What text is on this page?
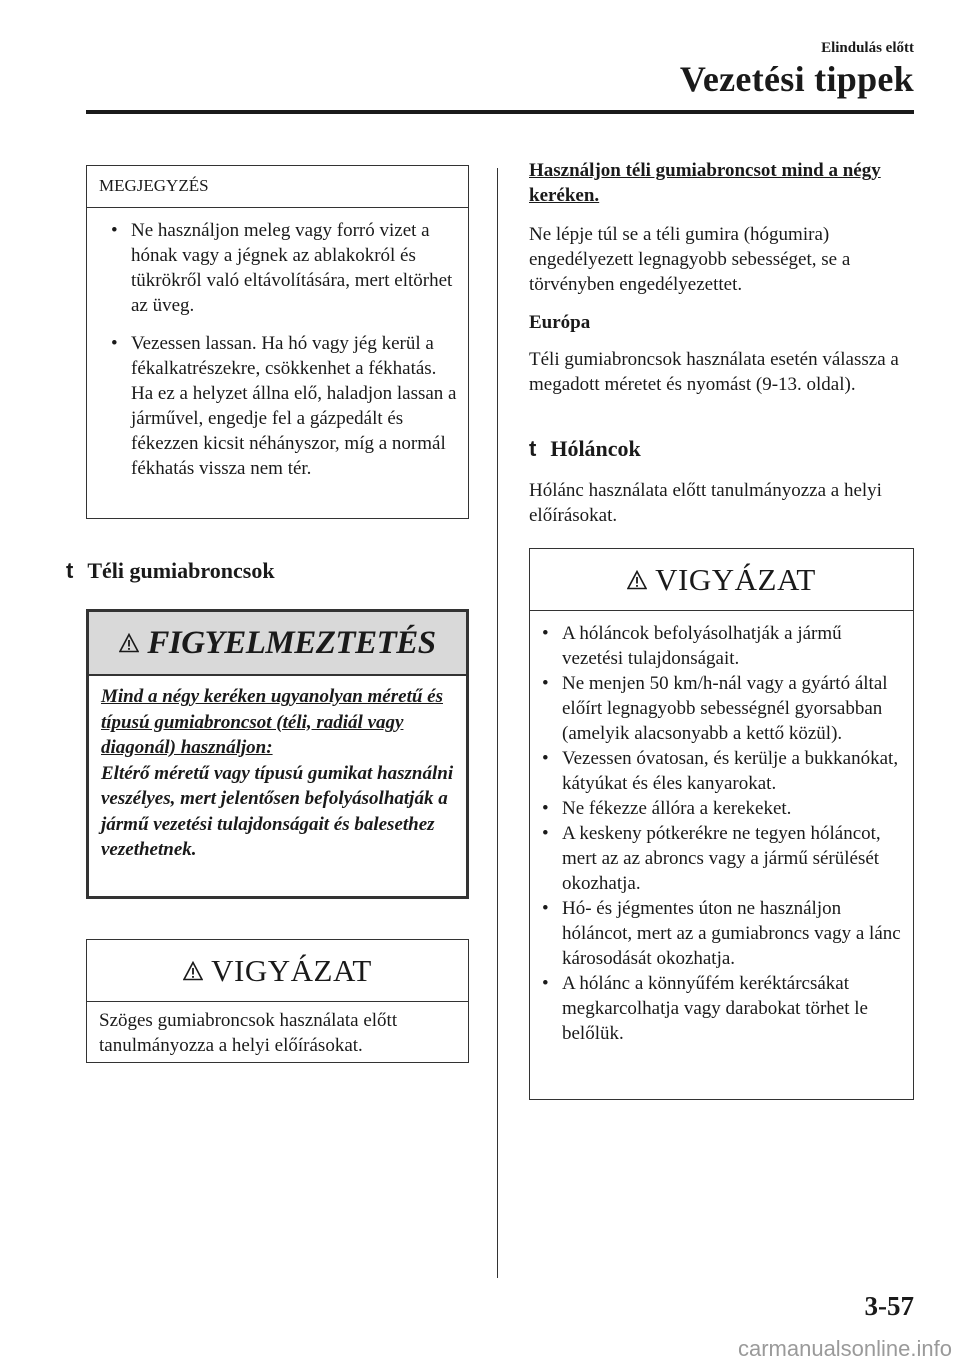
Elindulás előtt
Vezetési tippek
MEGJEGYZÉS
• Ne használjon meleg vagy forró vizet a hónak vagy a jégnek az ablakokról és tükrökről való eltávolítására, mert eltörhet az üveg.
• Vezessen lassan. Ha hó vagy jég kerül a fékalkatrészekre, csökkenhet a fékhatás. Ha ez a helyzet állna elő, haladjon lassan a járművel, engedje fel a gázpedált és fékezzen kicsit néhányszor, míg a normál fékhatás vissza nem tér.
t Téli gumiabroncsok
FIGYELMEZTETÉS
Mind a négy keréken ugyanolyan méretű és típusú gumiabroncsot (téli, radiál vagy diagonál) használjon:
Eltérő méretű vagy típusú gumikat használni veszélyes, mert jelentősen befolyásolhatják a jármű vezetési tulajdonságait és balesethez vezethetnek.
VIGYÁZAT
Szöges gumiabroncsok használata előtt tanulmányozza a helyi előírásokat.
Használjon téli gumiabroncsot mind a négy keréken.
Ne lépje túl se a téli gumira (hógumira) engedélyezett legnagyobb sebességet, se a törvényben engedélyezettet.
Európa
Téli gumiabroncsok használata esetén válassza a megadott méretet és nyomást (9-13. oldal).
t Hóláncok
Hólánc használata előtt tanulmányozza a helyi előírásokat.
VIGYÁZAT
• A hóláncok befolyásolhatják a jármű vezetési tulajdonságait.
• Ne menjen 50 km/h-nál vagy a gyártó által előírt legnagyobb sebességnél gyorsabban (amelyik alacsonyabb a kettő közül).
• Vezessen óvatosan, és kerülje a bukkanókat, kátyúkat és éles kanyarokat.
• Ne fékezze állóra a kerekeket.
• A keskeny pótkerékre ne tegyen hóláncot, mert az az abroncs vagy a jármű sérülését okozhatja.
• Hó- és jégmentes úton ne használjon hóláncot, mert az a gumiabroncs vagy a lánc károsodását okozhatja.
• A hólánc a könnyűfém keréktárcsákat megkarcolhatja vagy darabokat törhet le belőlük.
3-57
carmanualsonline.info
